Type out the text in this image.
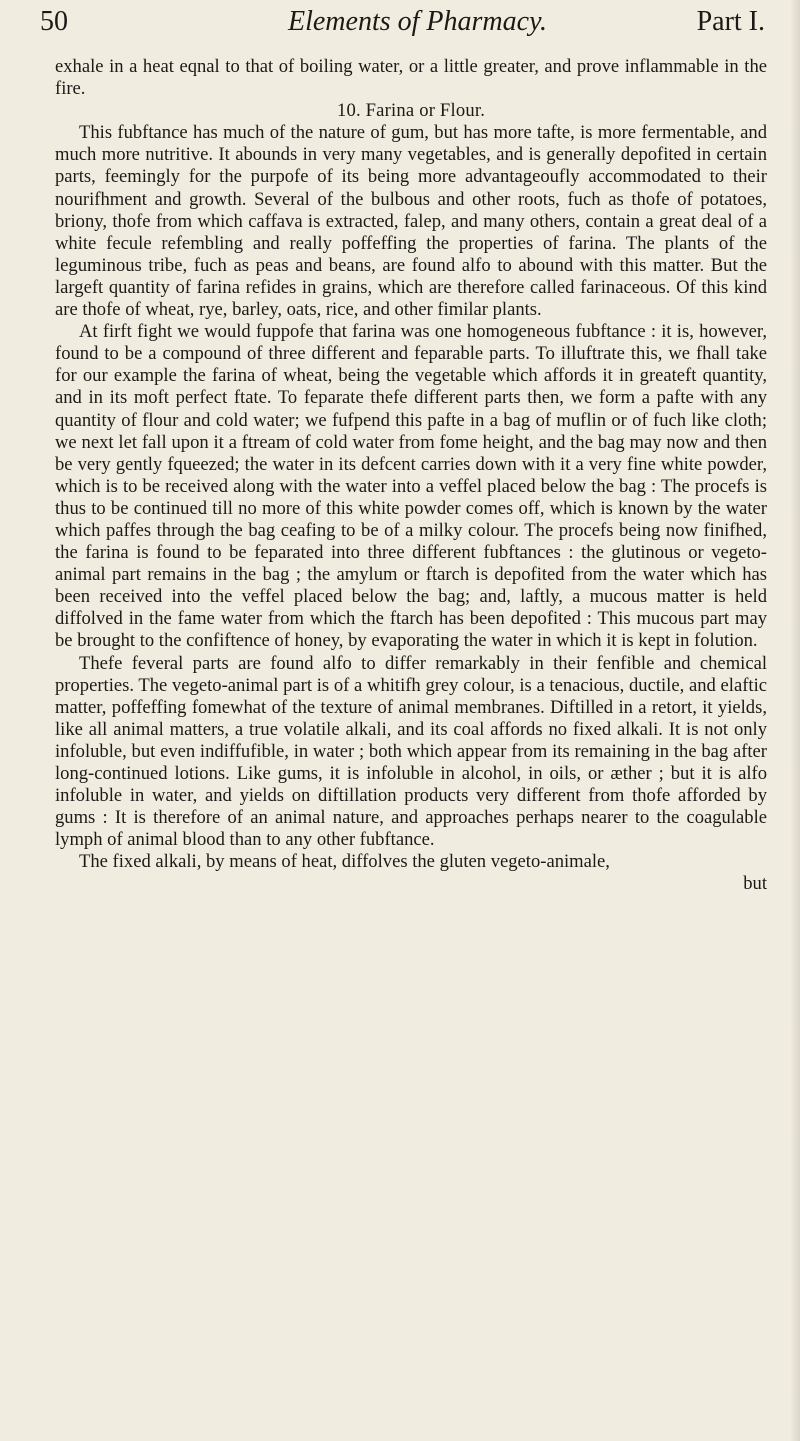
50	Elements of Pharmacy.	Part I.

exhale in a heat eqnal to that of boiling water, or a little greater, and prove inflammable in the fire.

10. Farina or Flour.

This fubftance has much of the nature of gum, but has more tafte, is more fermentable, and much more nutritive. It abounds in very many vegetables, and is generally depofited in certain parts, feemingly for the purpofe of its being more advantageoufly accommodated to their nourifhment and growth. Several of the bulbous and other roots, fuch as thofe of potatoes, briony, thofe from which caffava is extracted, falep, and many others, contain a great deal of a white fecule refembling and really poffeffing the properties of farina. The plants of the leguminous tribe, fuch as peas and beans, are found alfo to abound with this matter. But the largeft quantity of farina refides in grains, which are therefore called farinaceous. Of this kind are thofe of wheat, rye, barley, oats, rice, and other fimilar plants.

At firft fight we would fuppofe that farina was one homogeneous fubftance : it is, however, found to be a compound of three different and feparable parts. To illuftrate this, we fhall take for our example the farina of wheat, being the vegetable which affords it in greateft quantity, and in its moft perfect ftate. To feparate thefe different parts then, we form a pafte with any quantity of flour and cold water; we fufpend this pafte in a bag of muflin or of fuch like cloth; we next let fall upon it a ftream of cold water from fome height, and the bag may now and then be very gently fqueezed; the water in its defcent carries down with it a very fine white powder, which is to be received along with the water into a veffel placed below the bag : The procefs is thus to be continued till no more of this white powder comes off, which is known by the water which paffes through the bag ceafing to be of a milky colour. The procefs being now finifhed, the farina is found to be feparated into three different fubftances : the glutinous or vegeto-animal part remains in the bag ; the amylum or ftarch is depofited from the water which has been received into the veffel placed below the bag; and, laftly, a mucous matter is held diffolved in the fame water from which the ftarch has been depofited : This mucous part may be brought to the confiftence of honey, by evaporating the water in which it is kept in folution.

Thefe feveral parts are found alfo to differ remarkably in their fenfible and chemical properties. The vegeto-animal part is of a whitifh grey colour, is a tenacious, ductile, and elaftic matter, poffeffing fomewhat of the texture of animal membranes. Diftilled in a retort, it yields, like all animal matters, a true volatile alkali, and its coal affords no fixed alkali. It is not only infoluble, but even indiffufible, in water ; both which appear from its remaining in the bag after long-continued lotions. Like gums, it is infoluble in alcohol, in oils, or æther ; but it is alfo infoluble in water, and yields on diftillation products very different from thofe afforded by gums : It is therefore of an animal nature, and approaches perhaps nearer to the coagulable lymph of animal blood than to any other fubftance.

The fixed alkali, by means of heat, diffolves the gluten vegeto-animale,

but
